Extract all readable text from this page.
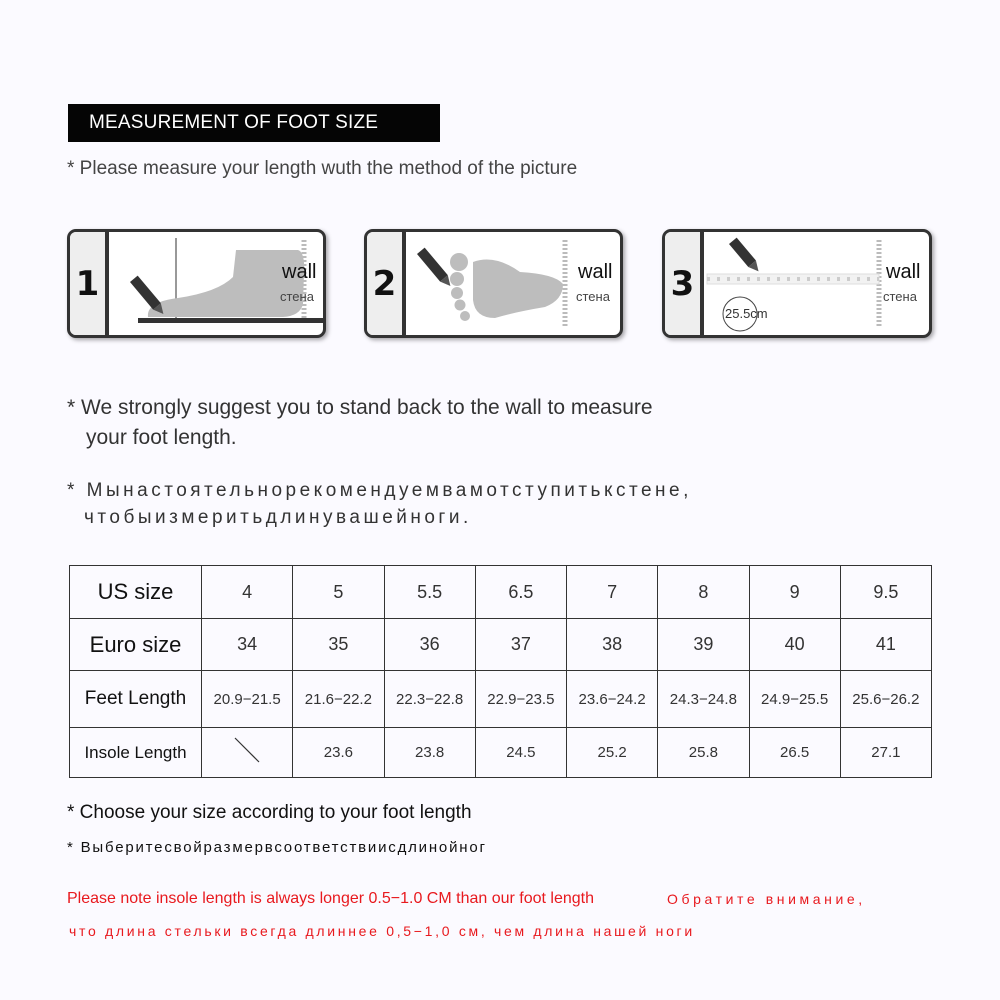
MEASUREMENT OF FOOT SIZE
* Please measure your length wuth the method of the picture
1	wall
стена 2	wall
стена 3
25.5cm
wall
стена
* We strongly suggest you to stand back to the wall to measure
your foot length.
* Мынастоятельнорекомендуемвамотступитькстене,
чтобыизмеритьдлинувашейноги.
US size	4	5	5.5	6.5	7	8	9	9.5
Euro size	34	35	36	37	38	39	40	41
Feet Length	20.9−21.5	21.6−22.2	22.3−22.8	22.9−23.5	23.6−24.2	24.3−24.8	24.9−25.5	25.6−26.2
Insole Length		23.6	23.8	24.5	25.2	25.8	26.5	27.1
* Choose your size according to your foot length
* Выберитесвойразмервсоответствиисдлинойног
Please note insole length is always longer 0.5−1.0 CM than our foot length	Обратите внимание,
что длина стельки всегда длиннее 0,5−1,0 см, чем длина нашей ноги
